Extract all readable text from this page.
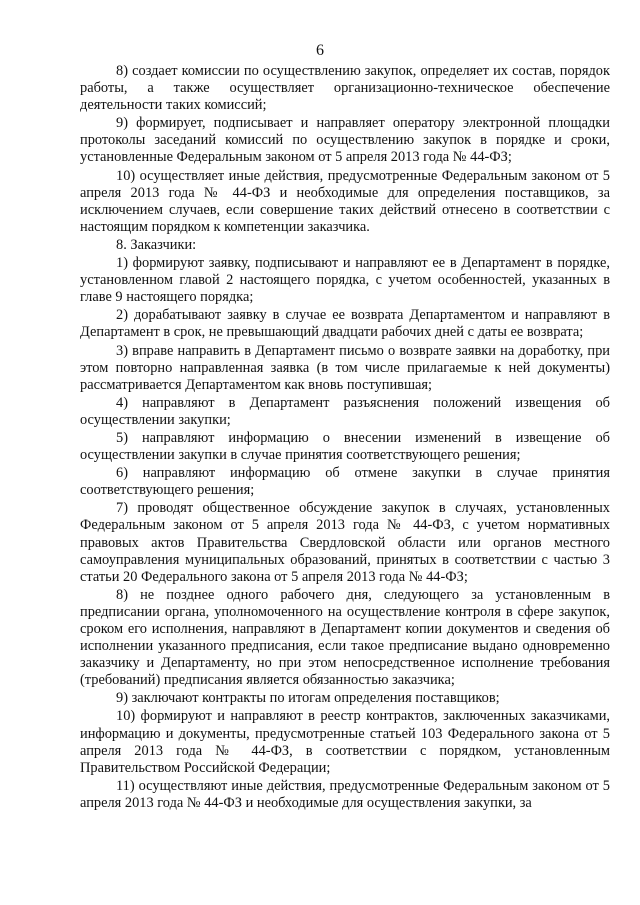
6

8) создает комиссии по осуществлению закупок, определяет их состав, порядок работы, а также осуществляет организационно-техническое обеспечение деятельности таких комиссий;

9) формирует, подписывает и направляет оператору электронной площадки протоколы заседаний комиссий по осуществлению закупок в порядке и сроки, установленные Федеральным законом от 5 апреля 2013 года № 44-ФЗ;

10) осуществляет иные действия, предусмотренные Федеральным законом от 5 апреля 2013 года № 44-ФЗ и необходимые для определения поставщиков, за исключением случаев, если совершение таких действий отнесено в соответствии с настоящим порядком к компетенции заказчика.

8. Заказчики:

1) формируют заявку, подписывают и направляют ее в Департамент в порядке, установленном главой 2 настоящего порядка, с учетом особенностей, указанных в главе 9 настоящего порядка;

2) дорабатывают заявку в случае ее возврата Департаментом и направляют в Департамент в срок, не превышающий двадцати рабочих дней с даты ее возврата;

3) вправе направить в Департамент письмо о возврате заявки на доработку, при этом повторно направленная заявка (в том числе прилагаемые к ней документы) рассматривается Департаментом как вновь поступившая;

4) направляют в Департамент разъяснения положений извещения об осуществлении закупки;

5) направляют информацию о внесении изменений в извещение об осуществлении закупки в случае принятия соответствующего решения;

6) направляют информацию об отмене закупки в случае принятия соответствующего решения;

7) проводят общественное обсуждение закупок в случаях, установленных Федеральным законом от 5 апреля 2013 года № 44-ФЗ, с учетом нормативных правовых актов Правительства Свердловской области или органов местного самоуправления муниципальных образований, принятых в соответствии с частью 3 статьи 20 Федерального закона от 5 апреля 2013 года № 44-ФЗ;

8) не позднее одного рабочего дня, следующего за установленным в предписании органа, уполномоченного на осуществление контроля в сфере закупок, сроком его исполнения, направляют в Департамент копии документов и сведения об исполнении указанного предписания, если такое предписание выдано одновременно заказчику и Департаменту, но при этом непосредственное исполнение требования (требований) предписания является обязанностью заказчика;

9) заключают контракты по итогам определения поставщиков;

10) формируют и направляют в реестр контрактов, заключенных заказчиками, информацию и документы, предусмотренные статьей 103 Федерального закона от 5 апреля 2013 года № 44-ФЗ, в соответствии с порядком, установленным Правительством Российской Федерации;

11) осуществляют иные действия, предусмотренные Федеральным законом от 5 апреля 2013 года № 44-ФЗ и необходимые для осуществления закупки, за
